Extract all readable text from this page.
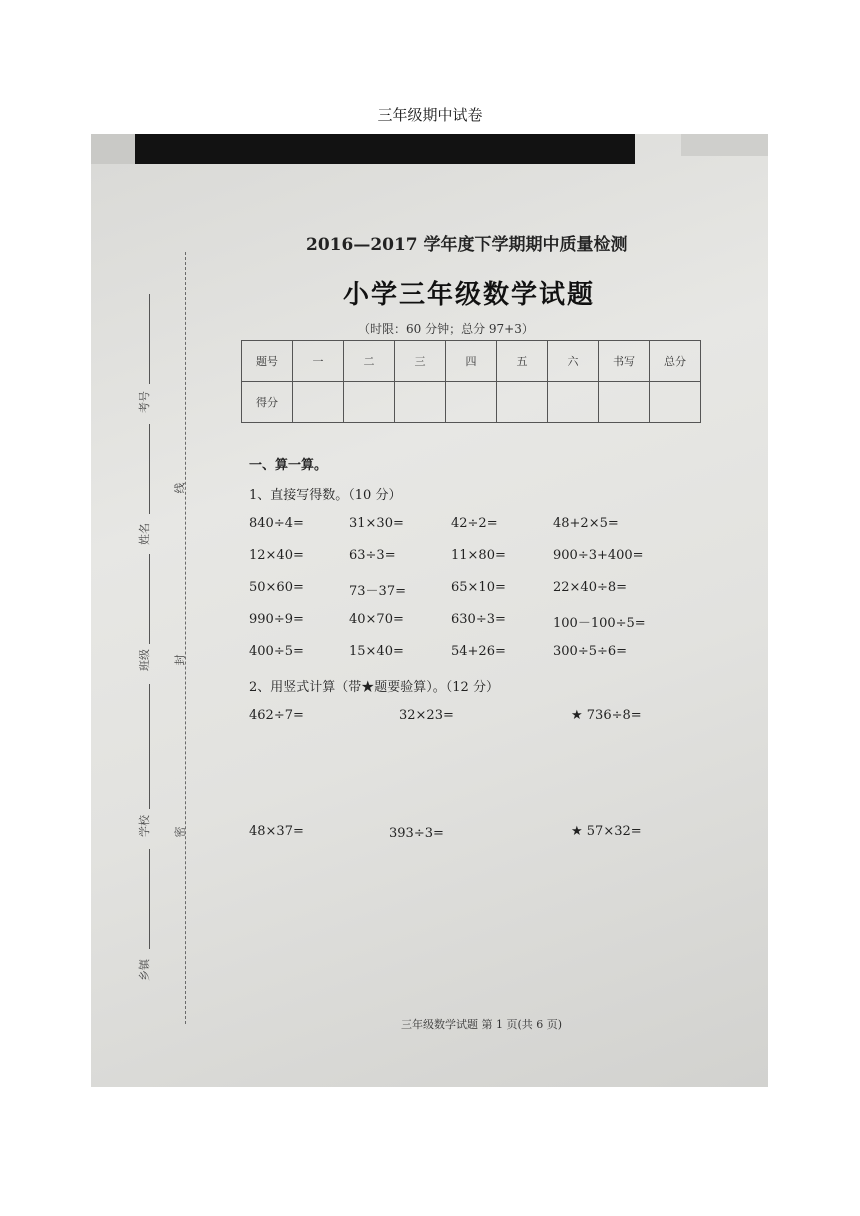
三年级期中试卷
考号
姓名
班级
学校
乡镇
线
封
密
2016—2017 学年度下学期期中质量检测
小学三年级数学试题
（时限：60 分钟；总分 97+3）
题号	一	二	三	四	五	六	书写	总分
得分								
一、算一算。
1、直接写得数。（10 分）
840÷4=	31×30=	42÷2=	48+2×5=
12×40=	63÷3=	11×80=	900÷3+400=
50×60=	73－37=	65×10=	22×40÷8=
990÷9=	40×70=	630÷3=	100－100÷5=
400÷5=	15×40=	54+26=	300÷5÷6=
2、用竖式计算（带★题要验算）。（12 分）
462÷7=	32×23=	★ 736÷8=
48×37=	393÷3=	★ 57×32=
三年级数学试题 第 1 页(共 6 页)
